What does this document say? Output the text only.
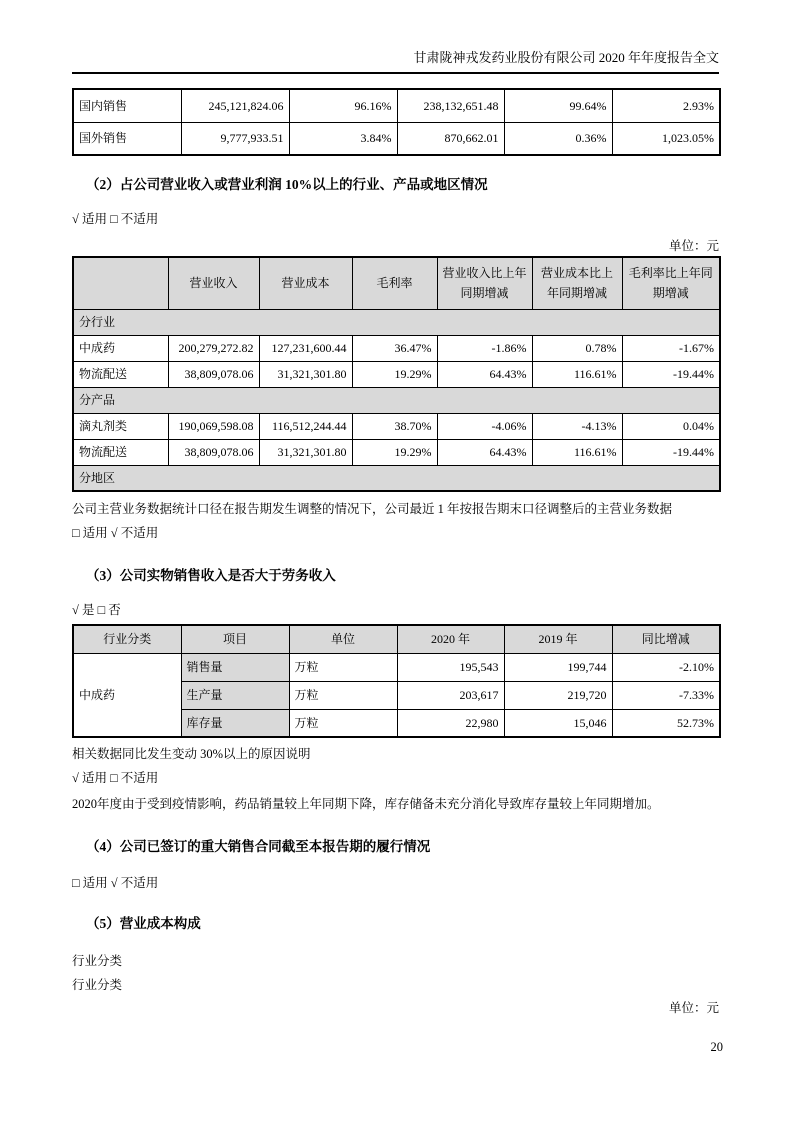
甘肃陇神戎发药业股份有限公司 2020 年年度报告全文
国内销售	245,121,824.06	96.16%	238,132,651.48	99.64%	2.93%
国外销售	9,777,933.51	3.84%	870,662.01	0.36%	1,023.05%
（2）占公司营业收入或营业利润 10%以上的行业、产品或地区情况
√ 适用 □ 不适用
单位：元
	营业收入	营业成本	毛利率	营业收入比上年同期增减	营业成本比上年同期增减	毛利率比上年同期增减
分行业						
中成药	200,279,272.82	127,231,600.44	36.47%	-1.86%	0.78%	-1.67%
物流配送	38,809,078.06	31,321,301.80	19.29%	64.43%	116.61%	-19.44%
分产品						
滴丸剂类	190,069,598.08	116,512,244.44	38.70%	-4.06%	-4.13%	0.04%
物流配送	38,809,078.06	31,321,301.80	19.29%	64.43%	116.61%	-19.44%
分地区						
公司主营业务数据统计口径在报告期发生调整的情况下，公司最近 1 年按报告期末口径调整后的主营业务数据
□ 适用 √ 不适用
（3）公司实物销售收入是否大于劳务收入
√ 是 □ 否
行业分类	项目	单位	2020 年	2019 年	同比增减
中成药	销售量	万粒	195,543	199,744	-2.10%
	生产量	万粒	203,617	219,720	-7.33%
	库存量	万粒	22,980	15,046	52.73%
相关数据同比发生变动 30%以上的原因说明
√ 适用 □ 不适用
2020年度由于受到疫情影响，药品销量较上年同期下降，库存储备未充分消化导致库存量较上年同期增加。
（4）公司已签订的重大销售合同截至本报告期的履行情况
□ 适用 √ 不适用
（5）营业成本构成
行业分类
行业分类
单位：元
20
